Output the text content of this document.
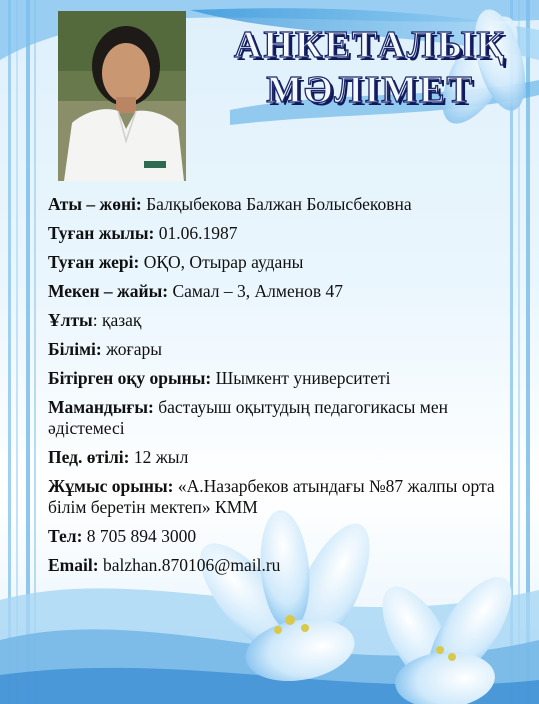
АНКЕТАЛЫҚ
МӘЛІМЕТ
Аты – жөні: Балқыбекова Балжан Болысбековна
Туған жылы: 01.06.1987
Туған жері: ОҚО, Отырар ауданы
Мекен – жайы: Самал – 3, Алменов 47
Ұлты: қазақ
Білімі: жоғары
Бітірген оқу орыны: Шымкент университеті
Мамандығы: бастауыш оқытудың педагогикасы мен әдістемесі
Пед. өтілі: 12 жыл
Жұмыс орыны: «А.Назарбеков атындағы №87 жалпы орта білім беретін мектеп» КММ
Тел: 8 705 894 3000
Email: balzhan.870106@mail.ru
